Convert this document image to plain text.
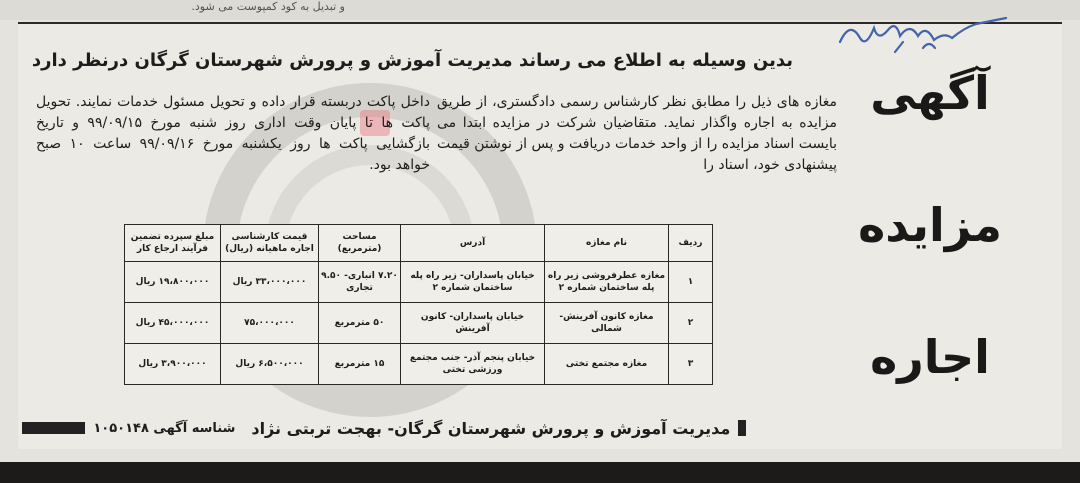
و تبدیل به کود کمپوست می شود.
آگهی
مزایده
اجاره
بدین وسیله به اطلاع می رساند مدیریت آموزش و پرورش شهرستان گرگان درنظر دارد
مغازه های ذیل را مطابق نظر کارشناس رسمی دادگستری، از طریق مزایده به اجاره واگذار نماید. متقاضیان شرکت در مزایده ابتدا می بایست اسناد مزایده را از واحد خدمات دریافت و پس از نوشتن قیمت پیشنهادی خود، اسناد را
داخل پاکت دربسته قرار داده و تحویل مسئول خدمات نمایند. تحویل پاکت ها تا پایان وقت اداری روز شنبه مورخ ۹۹/۰۹/۱۵ و تاریخ بازگشایی پاکت ها روز یکشنبه مورخ ۹۹/۰۹/۱۶ ساعت ۱۰ صبح خواهد بود.
ردیف	نام مغازه	آدرس	مساحت (مترمربع)	قیمت کارشناسی اجاره ماهیانه (ریال)	مبلغ سپرده تضمین فرآیند ارجاع کار
۱	مغازه عطرفروشی زیر راه پله ساختمان شماره ۲	خیابان پاسداران- زیر راه پله ساختمان شماره ۲	۷.۲۰ انباری- ۹.۵۰ تجاری	۳۳،۰۰۰،۰۰۰ ریال	۱۹،۸۰۰،۰۰۰ ریال
۲	مغازه کانون آفرینش- شمالی	خیابان پاسداران- کانون آفرینش	۵۰ مترمربع	۷۵،۰۰۰،۰۰۰	۴۵،۰۰۰،۰۰۰ ریال
۳	مغازه مجتمع تختی	خیابان پنجم آذر- جنب مجتمع ورزشی تختی	۱۵ مترمربع	۶،۵۰۰،۰۰۰ ریال	۳،۹۰۰،۰۰۰ ریال
مدیریت آموزش و پرورش شهرستان گرگان- بهجت تربتی نژاد
شناسه آگهی ۱۰۵۰۱۴۸
